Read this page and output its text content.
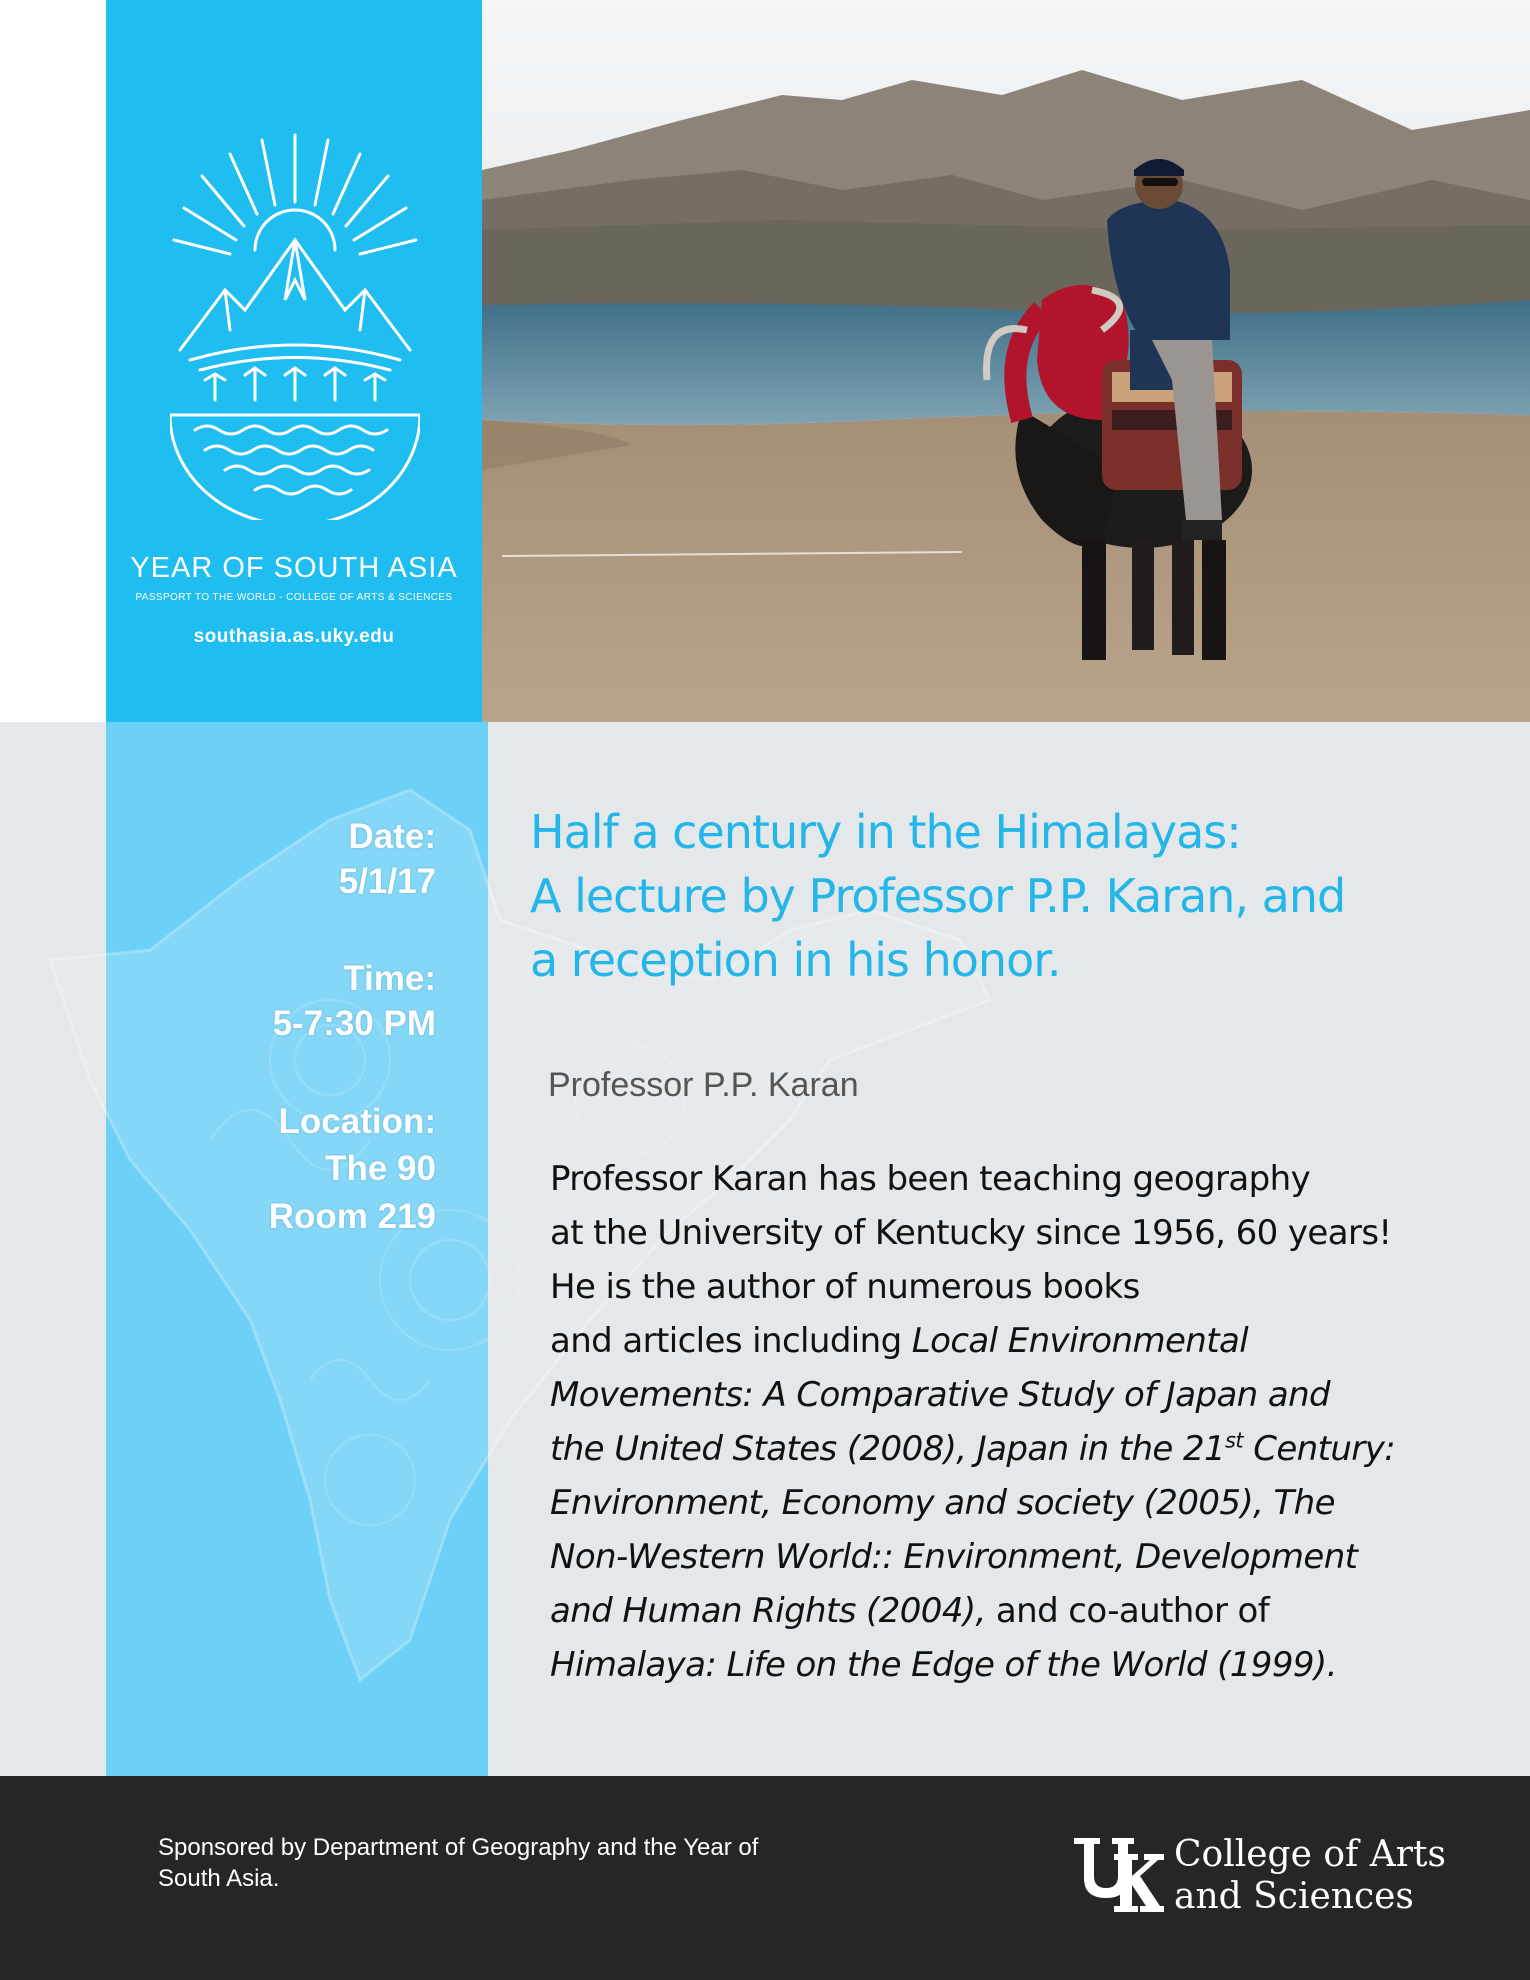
YEAR OF SOUTH ASIA
PASSPORT TO THE WORLD - COLLEGE OF ARTS & SCIENCES
southasia.as.uky.edu
Date:
5/1/17
Time:
5-7:30 PM
Location:
The 90
Room 219
Half a century in the Himalayas:
A lecture by Professor P.P. Karan, and
a reception in his honor.
Professor P.P. Karan
Professor Karan has been teaching geography
at the University of Kentucky since 1956, 60 years!
He is the author of numerous books
and articles including Local Environmental
Movements: A Comparative Study of Japan and
the United States (2008), Japan in the 21st Century:
Environment, Economy and society (2005), The
Non-Western World:: Environment, Development
and Human Rights (2004), and co-author of
Himalaya: Life on the Edge of the World (1999).
Sponsored by Department of Geography and the Year of
South Asia.
College of Arts
and Sciences
